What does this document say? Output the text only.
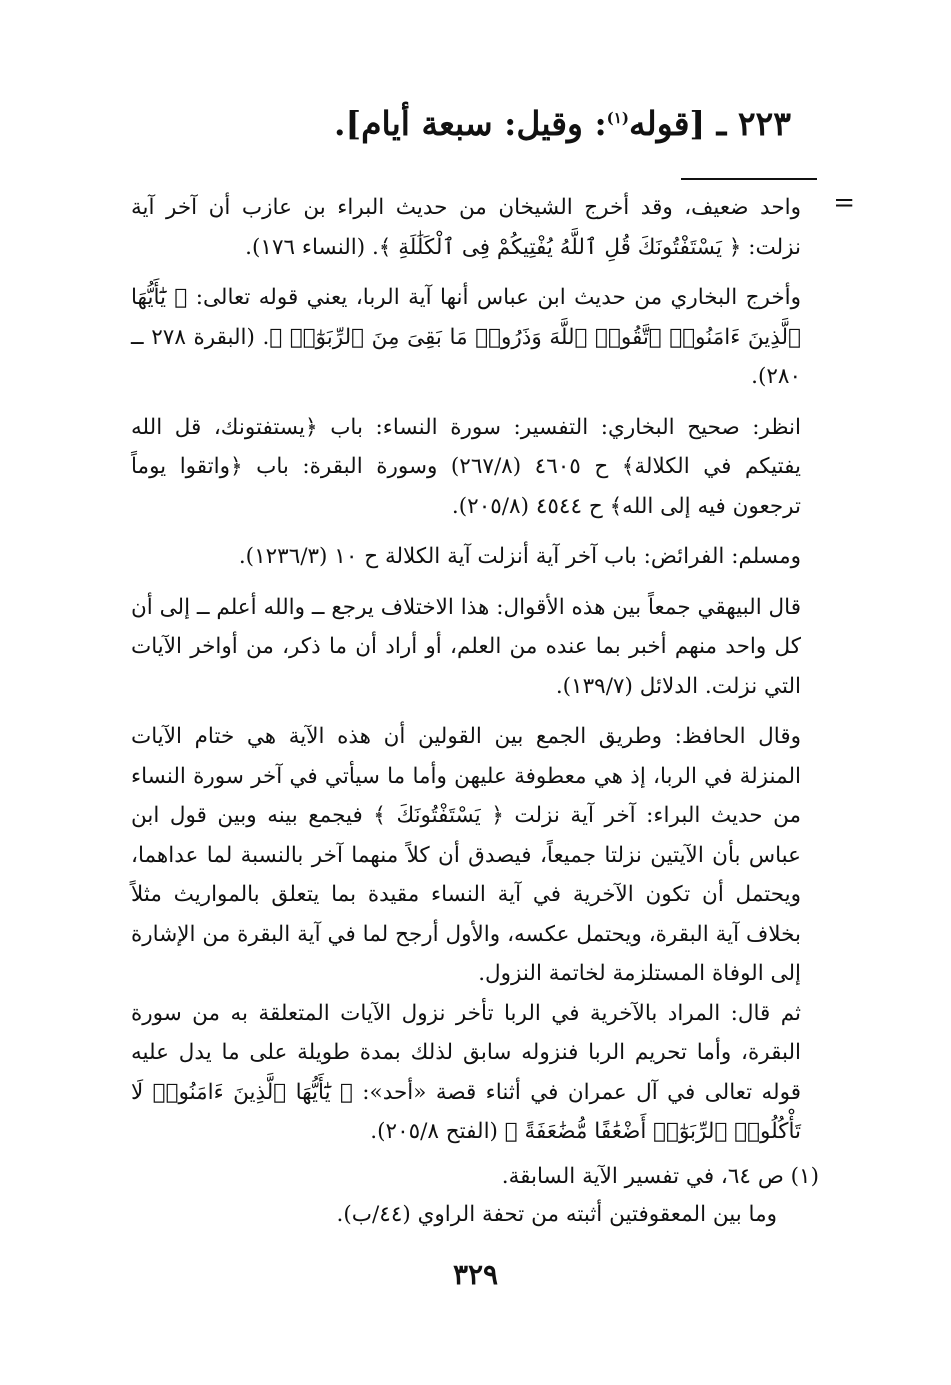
٢٢٣ ـ [قوله$^{(١)}$: وقيل: سبعة أيام].
=

واحد ضعيف، وقد أخرج الشيخان من حديث البراء بن عازب أن آخر آية نزلت: ﴿ يَسْتَفْتُونَكَ قُلِ ٱللَّهُ يُفْتِيكُمْ فِى ٱلْكَلَٰلَةِ ﴾. (النساء ١٧٦).

وأخرج البخاري من حديث ابن عباس أنها آية الربا، يعني قوله تعالى: ﴿ يَٰٓأَيُّهَا ٱلَّذِينَ ءَامَنُوا۟ ٱتَّقُوا۟ ٱللَّهَ وَذَرُوا۟ مَا بَقِىَ مِنَ ٱلرِّبَوٰٓا۟ ﴾. (البقرة ٢٧٨ ــ ٢٨٠).

انظر: صحيح البخاري: التفسير: سورة النساء: باب ﴿يستفتونك، قل الله يفتيكم في الكلالة﴾ ح ٤٦٠٥ (٢٦٧/٨) وسورة البقرة: باب ﴿واتقوا يوماً ترجعون فيه إلى الله﴾ ح ٤٥٤٤ (٢٠٥/٨).

ومسلم: الفرائض: باب آخر آية أنزلت آية الكلالة ح ١٠ (١٢٣٦/٣).

قال البيهقي جمعاً بين هذه الأقوال: هذا الاختلاف يرجع ــ والله أعلم ــ إلى أن كل واحد منهم أخبر بما عنده من العلم، أو أراد أن ما ذكر، من أواخر الآيات التي نزلت. الدلائل (١٣٩/٧).

وقال الحافظ: وطريق الجمع بين القولين أن هذه الآية هي ختام الآيات المنزلة في الربا، إذ هي معطوفة عليهن وأما ما سيأتي في آخر سورة النساء من حديث البراء: آخر آية نزلت ﴿ يَسْتَفْتُونَكَ ﴾ فيجمع بينه وبين قول ابن عباس بأن الآيتين نزلتا جميعاً، فيصدق أن كلاً منهما آخر بالنسبة لما عداهما، ويحتمل أن تكون الآخرية في آية النساء مقيدة بما يتعلق بالمواريث مثلاً بخلاف آية البقرة، ويحتمل عكسه، والأول أرجح لما في آية البقرة من الإشارة إلى الوفاة المستلزمة لخاتمة النزول.

ثم قال: المراد بالآخرية في الربا تأخر نزول الآيات المتعلقة به من سورة البقرة، وأما تحريم الربا فنزوله سابق لذلك بمدة طويلة على ما يدل عليه قوله تعالى في آل عمران في أثناء قصة «أحد»: ﴿ يَٰٓأَيُّهَا ٱلَّذِينَ ءَامَنُوا۟ لَا تَأْكُلُوا۟ ٱلرِّبَوٰٓا۟ أَضْعَٰفًا مُّضَٰعَفَةً ﴾ (الفتح ٢٠٥/٨).

(١) ص ٦٤، في تفسير الآية السابقة.
وما بين المعقوفتين أثبته من تحفة الراوي (٤٤/ب).
٣٢٩
